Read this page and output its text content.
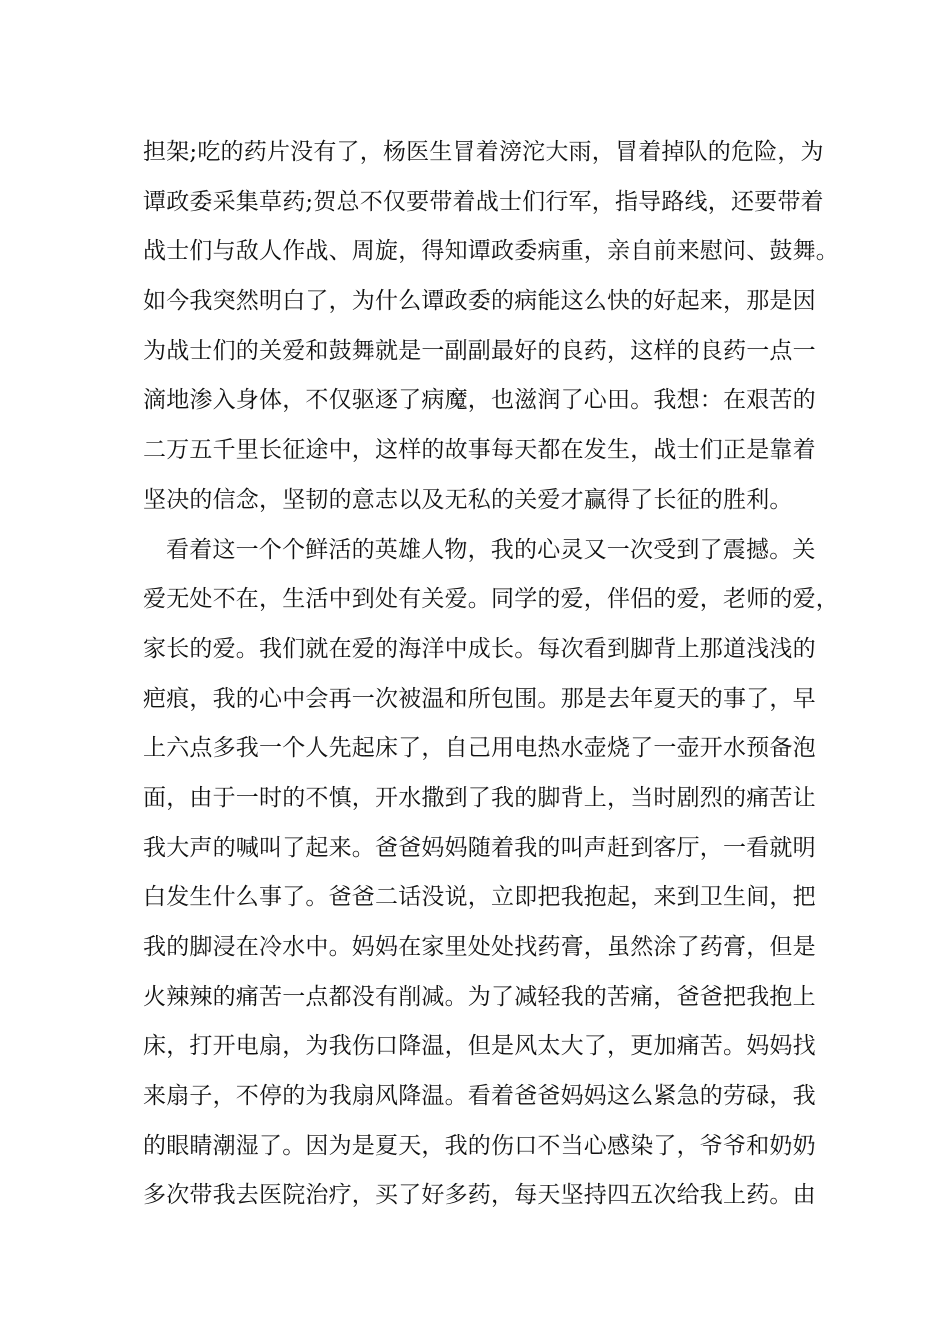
担架;吃的药片没有了，杨医生冒着滂沱大雨，冒着掉队的危险，为
谭政委采集草药;贺总不仅要带着战士们行军，指导路线，还要带着
战士们与敌人作战、周旋，得知谭政委病重，亲自前来慰问、鼓舞。
如今我突然明白了，为什么谭政委的病能这么快的好起来，那是因
为战士们的关爱和鼓舞就是一副副最好的良药，这样的良药一点一
滴地渗入身体，不仅驱逐了病魔，也滋润了心田。我想：在艰苦的
二万五千里长征途中，这样的故事每天都在发生，战士们正是靠着
坚决的信念，坚韧的意志以及无私的关爱才赢得了长征的胜利。
看着这一个个鲜活的英雄人物，我的心灵又一次受到了震撼。关
爱无处不在，生活中到处有关爱。同学的爱，伴侣的爱，老师的爱，
家长的爱。我们就在爱的海洋中成长。每次看到脚背上那道浅浅的
疤痕，我的心中会再一次被温和所包围。那是去年夏天的事了，早
上六点多我一个人先起床了，自己用电热水壶烧了一壶开水预备泡
面，由于一时的不慎，开水撒到了我的脚背上，当时剧烈的痛苦让
我大声的喊叫了起来。爸爸妈妈随着我的叫声赶到客厅，一看就明
白发生什么事了。爸爸二话没说，立即把我抱起，来到卫生间，把
我的脚浸在冷水中。妈妈在家里处处找药膏，虽然涂了药膏，但是
火辣辣的痛苦一点都没有削减。为了减轻我的苦痛，爸爸把我抱上
床，打开电扇，为我伤口降温，但是风太大了，更加痛苦。妈妈找
来扇子，不停的为我扇风降温。看着爸爸妈妈这么紧急的劳碌，我
的眼睛潮湿了。因为是夏天，我的伤口不当心感染了，爷爷和奶奶
多次带我去医院治疗，买了好多药，每天坚持四五次给我上药。由
